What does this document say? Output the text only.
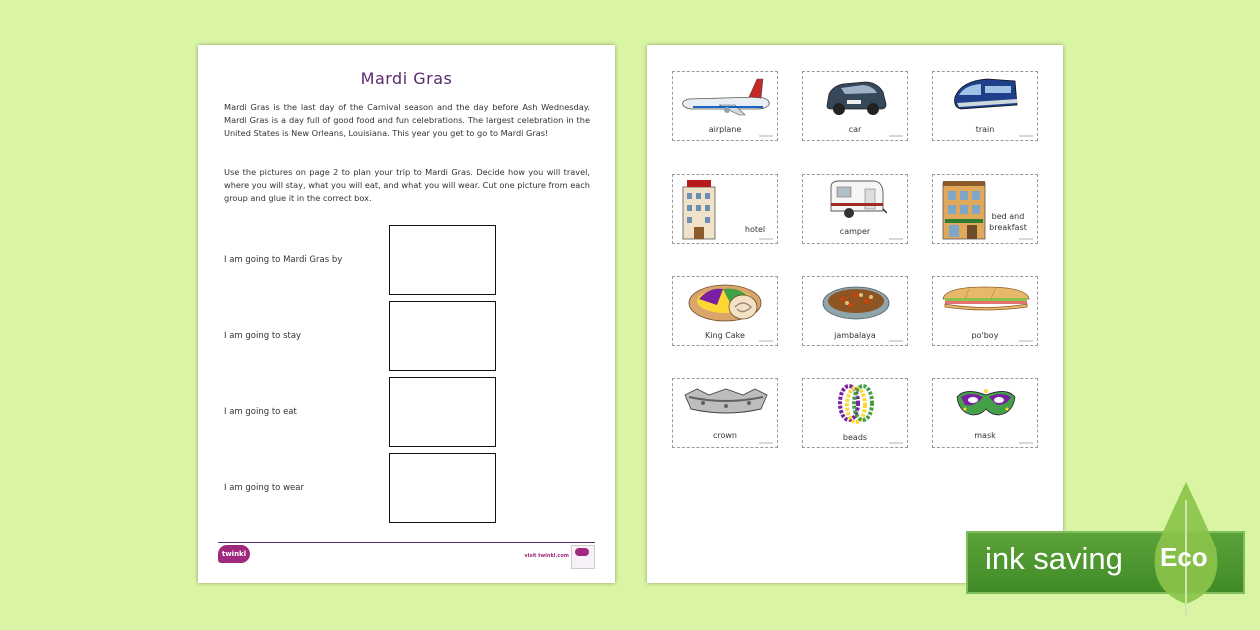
Mardi Gras
Mardi Gras is the last day of the Carnival season and the day before Ash Wednesday. Mardi Gras is a day full of good food and fun celebrations. The largest celebration in the United States is New Orleans, Louisiana. This year you get to go to Mardi Gras!
Use the pictures on page 2 to plan your trip to Mardi Gras. Decide how you will travel, where you will stay, what you will eat, and what you will wear. Cut one picture from each group and glue it in the correct box.
I am going to Mardi Gras by
I am going to stay
I am going to eat
I am going to wear
twinkl	visit twinkl.com
airplane	car	train
hotel	camper
bed and
breakfast
King Cake	jambalaya	po'boy
crown	beads	mask
ink saving Eco
